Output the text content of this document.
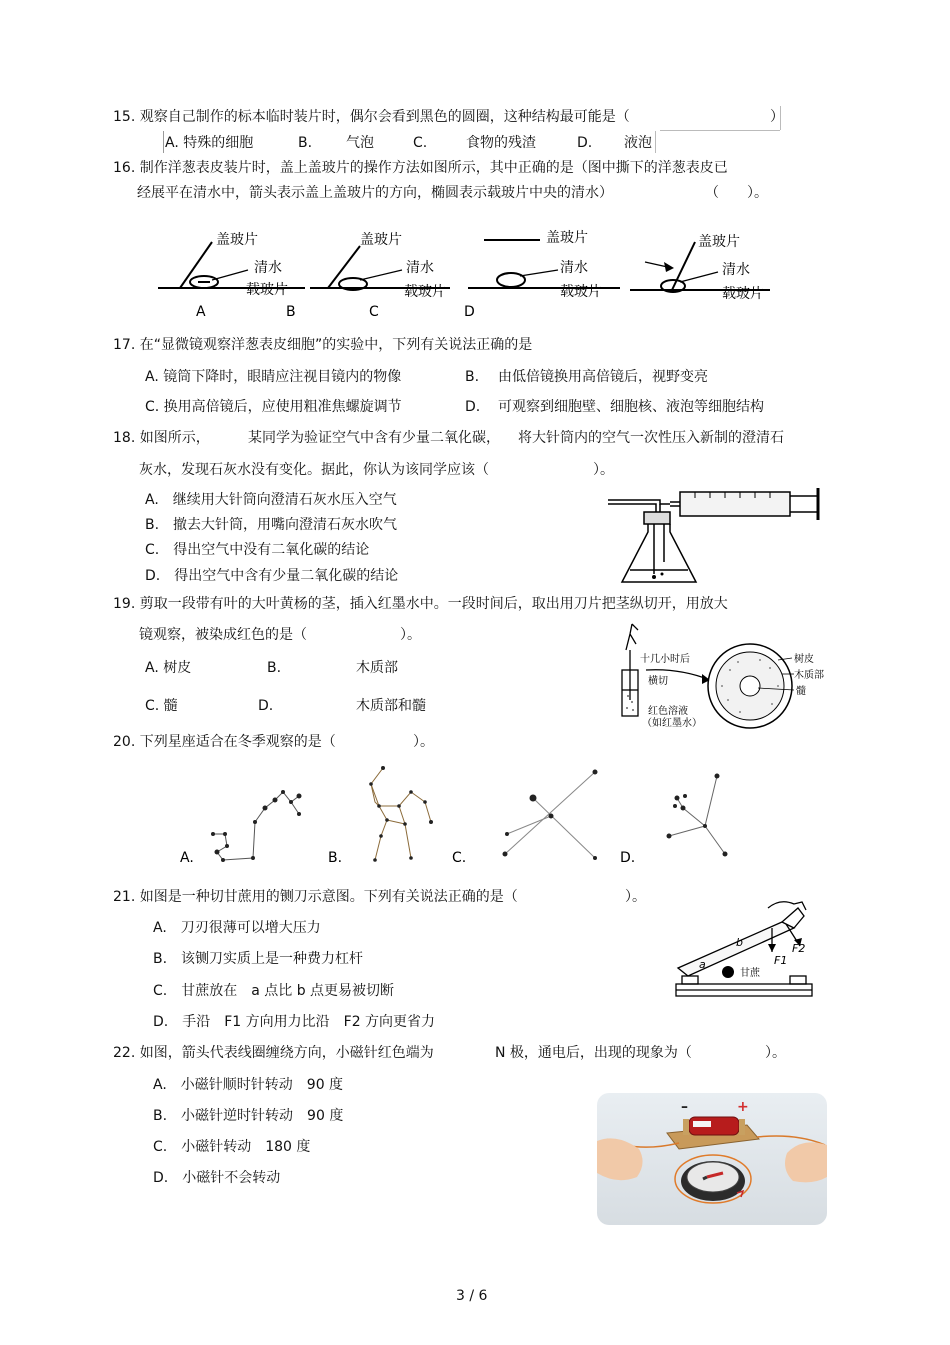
15. 观察自己制作的标本临时装片时，偶尔会看到黑色的圆圈，这种结构最可能是（	）
A. 特殊的细胞	B. 气泡	C.	食物的残渣	D. 液泡
16. 制作洋葱表皮装片时，盖上盖玻片的操作方法如图所示，其中正确的是（图中撕下的洋葱表皮已
经展平在清水中，箭头表示盖上盖玻片的方向，椭圆表示载玻片中央的清水）	（　　）。
盖玻片
清水
载玻片
盖玻片
清水
载玻片
盖玻片
清水
载玻片
盖玻片
清水
载玻片
A	B	C	D
17. 在“显微镜观察洋葱表皮细胞”的实验中，下列有关说法正确的是
A. 镜筒下降时，眼睛应注视目镜内的物像	B. 由低倍镜换用高倍镜后，视野变亮
C. 换用高倍镜后，应使用粗准焦螺旋调节	D. 可观察到细胞壁、细胞核、液泡等细胞结构
18. 如图所示，	某同学为验证空气中含有少量二氧化碳， 将大针筒内的空气一次性压入新制的澄清石
灰水，发现石灰水没有变化。据此，你认为该同学应该（	）。
A.　继续用大针筒向澄清石灰水压入空气
B.　撤去大针筒，用嘴向澄清石灰水吹气
C.　得出空气中没有二氧化碳的结论
D.　得出空气中含有少量二氧化碳的结论
19. 剪取一段带有叶的大叶黄杨的茎，插入红墨水中。一段时间后，取出用刀片把茎纵切开，用放大
镜观察，被染成红色的是（	）。
A. 树皮	B.	木质部
C. 髓	D.	木质部和髓
十几小时后
横切
红色溶液
（如红墨水）
树皮
木质部
髓
20. 下列星座适合在冬季观察的是（	）。
A.	B.	C.	D.
21. 如图是一种切甘蔗用的铡刀示意图。下列有关说法正确的是（	）。
A.　刀刃很薄可以增大压力
B.　该铡刀实质上是一种费力杠杆
C.　甘蔗放在　a 点比 b 点更易被切断
D.　手沿　F1 方向用力比沿　F2 方向更省力
a
b
F1
F2
甘蔗
22. 如图，箭头代表线圈缠绕方向，小磁针红色端为	N 极，通电后，出现的现象为（	）。
A.　小磁针顺时针转动　90 度
B.　小磁针逆时针转动　90 度
C.　小磁针转动　180 度
D.　小磁针不会转动
–	+
3 / 6
